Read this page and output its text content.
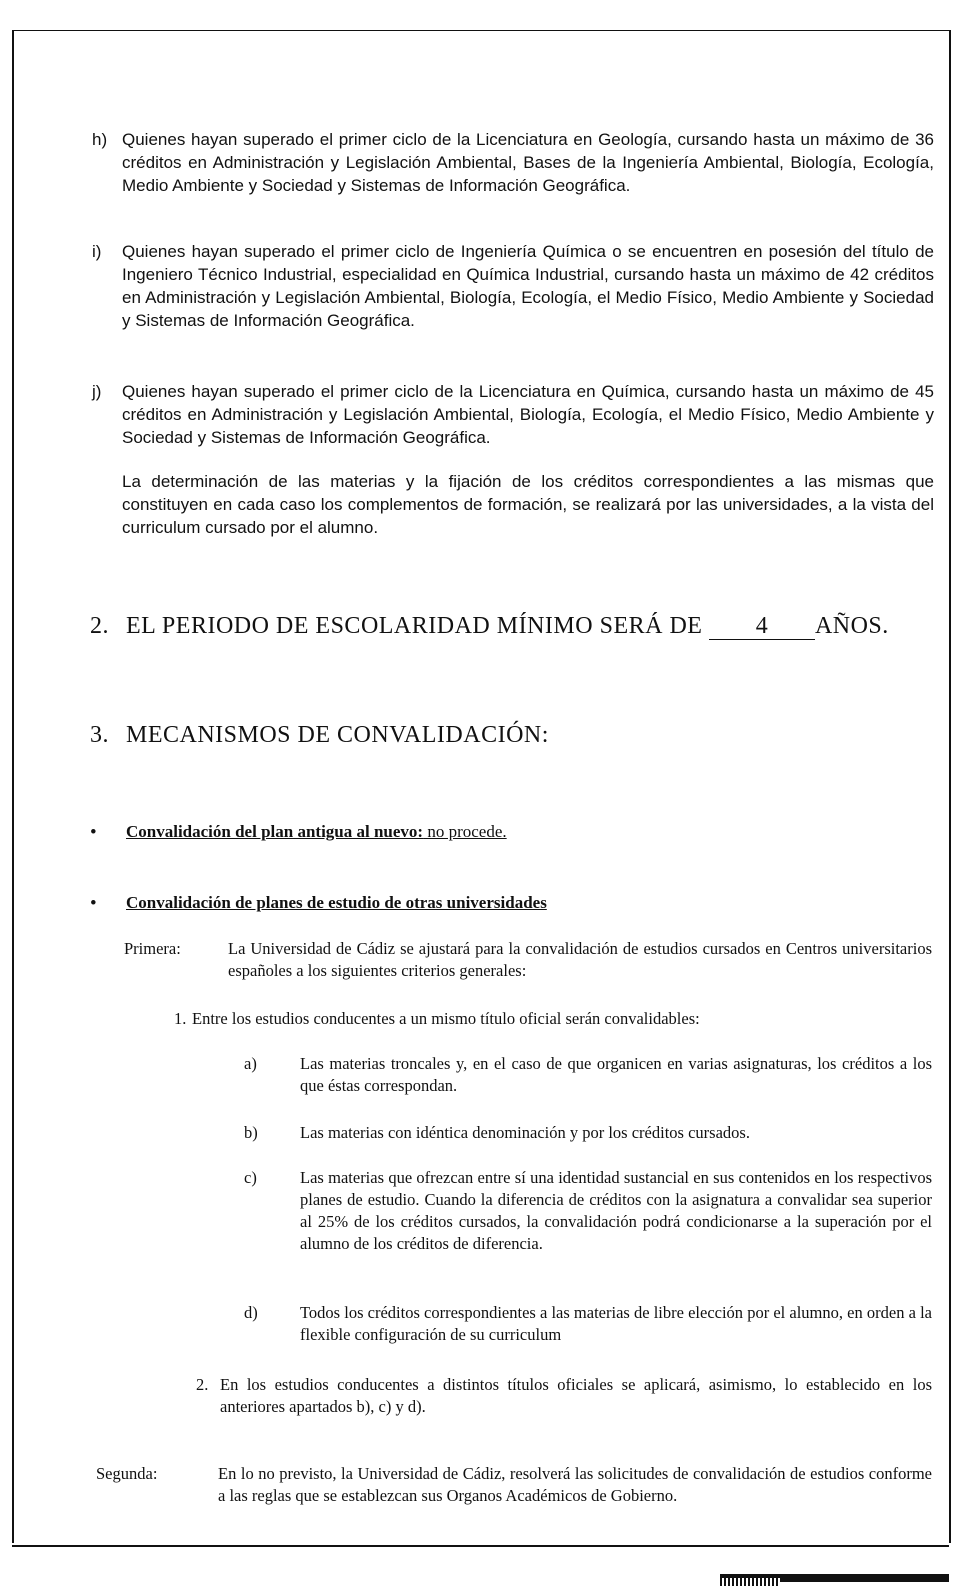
h) Quienes hayan superado el primer ciclo de la Licenciatura en Geología, cursando hasta un máximo de 36 créditos en Administración y Legislación Ambiental, Bases de la Ingeniería Ambiental, Biología, Ecología, Medio Ambiente y Sociedad y Sistemas de Información Geográfica.
i) Quienes hayan superado el primer ciclo de Ingeniería Química o se encuentren en posesión del título de Ingeniero Técnico Industrial, especialidad en Química Industrial, cursando hasta un máximo de 42 créditos en Administración y Legislación Ambiental, Biología, Ecología, el Medio Físico, Medio Ambiente y Sociedad y Sistemas de Información Geográfica.
j) Quienes hayan superado el primer ciclo de la Licenciatura en Química, cursando hasta un máximo de 45 créditos en Administración y Legislación Ambiental, Biología, Ecología, el Medio Físico, Medio Ambiente y Sociedad y Sistemas de Información Geográfica.
La determinación de las materias y la fijación de los créditos correspondientes a las mismas que constituyen en cada caso los complementos de formación, se realizará por las universidades, a la vista del curriculum cursado por el alumno.
2. EL PERIODO DE ESCOLARIDAD MÍNIMO SERÁ DE 4 AÑOS.
3. MECANISMOS DE CONVALIDACIÓN:
• Convalidación del plan antigua al nuevo: no procede.
• Convalidación de planes de estudio de otras universidades
Primera:	La Universidad de Cádiz se ajustará para la convalidación de estudios cursados en Centros universitarios españoles a los siguientes criterios generales:
1. Entre los estudios conducentes a un mismo título oficial serán convalidables:
a)	Las materias troncales y, en el caso de que organicen en varias asignaturas, los créditos a los que éstas correspondan.
b)	Las materias con idéntica denominación y por los créditos cursados.
c)	Las materias que ofrezcan entre sí una identidad sustancial en sus contenidos en los respectivos planes de estudio. Cuando la diferencia de créditos con la asignatura a convalidar sea superior al 25% de los créditos cursados, la convalidación podrá condicionarse a la superación por el alumno de los créditos de diferencia.
d)	Todos los créditos correspondientes a las materias de libre elección por el alumno, en orden a la flexible configuración de su curriculum
2. En los estudios conducentes a distintos títulos oficiales se aplicará, asimismo, lo establecido en los anteriores apartados b), c) y d).
Segunda:	En lo no previsto, la Universidad de Cádiz, resolverá las solicitudes de convalidación de estudios conforme a las reglas que se establezcan sus Organos Académicos de Gobierno.
